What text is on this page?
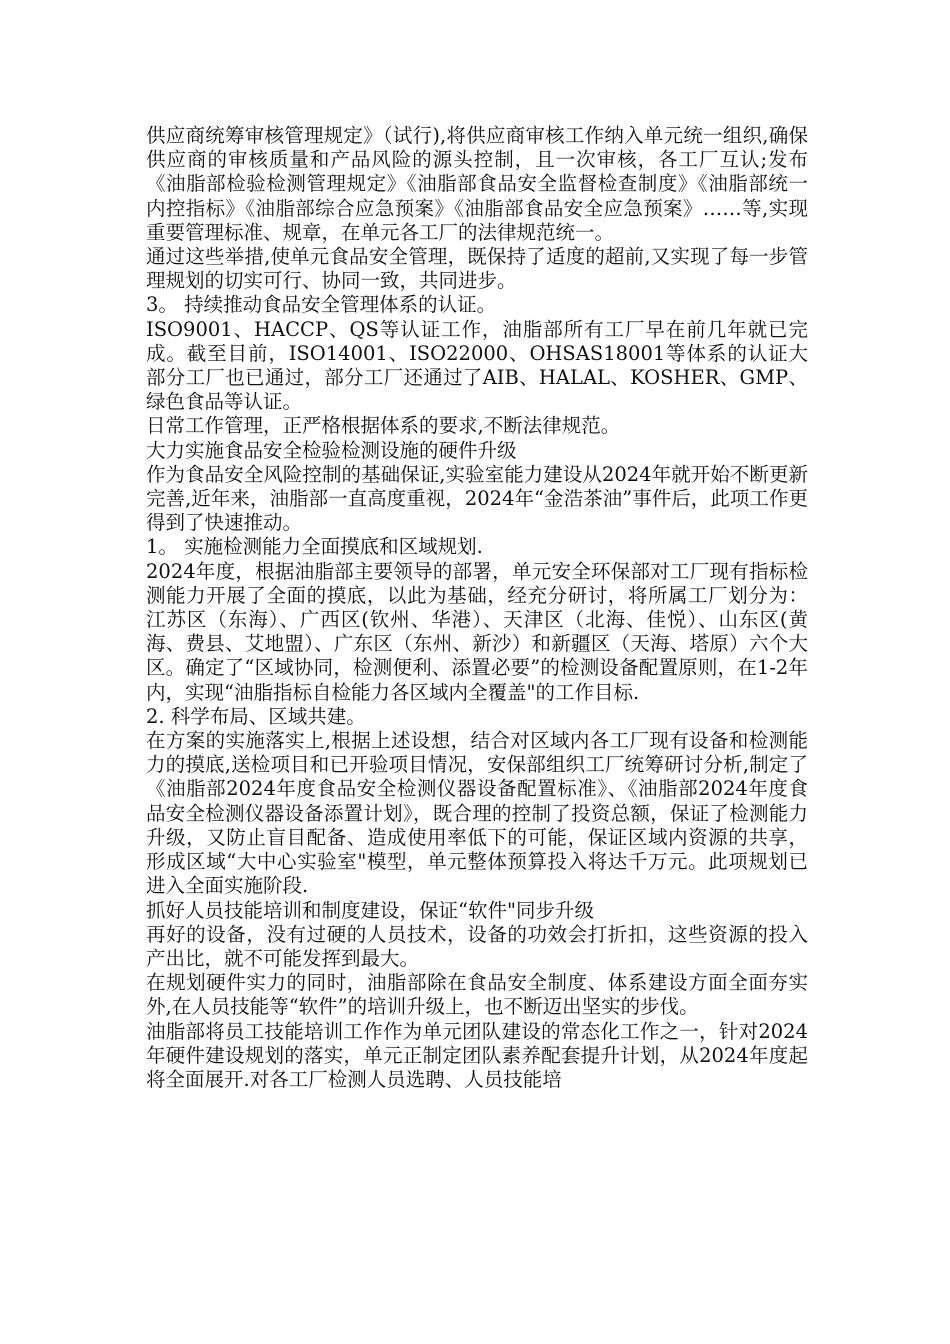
供应商统筹审核管理规定》（试行),将供应商审核工作纳入单元统一组织,确保供应商的审核质量和产品风险的源头控制，且一次审核，各工厂互认;发布《油脂部检验检测管理规定》《油脂部食品安全监督检查制度》《油脂部统一内控指标》《油脂部综合应急预案》《油脂部食品安全应急预案》……等,实现重要管理标准、规章，在单元各工厂的法律规范统一。

通过这些举措,使单元食品安全管理，既保持了适度的超前,又实现了每一步管理规划的切实可行、协同一致，共同进步。

3。 持续推动食品安全管理体系的认证。

ISO9001、HACCP、QS等认证工作，油脂部所有工厂早在前几年就已完成。截至目前，ISO14001、ISO22000、OHSAS18001等体系的认证大部分工厂也已通过，部分工厂还通过了AIB、HALAL、KOSHER、GMP、绿色食品等认证。

日常工作管理，正严格根据体系的要求,不断法律规范。

大力实施食品安全检验检测设施的硬件升级

作为食品安全风险控制的基础保证,实验室能力建设从2024年就开始不断更新完善,近年来，油脂部一直高度重视，2024年“金浩茶油”事件后，此项工作更得到了快速推动。

1。 实施检测能力全面摸底和区域规划.

2024年度，根据油脂部主要领导的部署，单元安全环保部对工厂现有指标检测能力开展了全面的摸底，以此为基础，经充分研讨，将所属工厂划分为：江苏区（东海）、广西区(钦州、华港）、天津区（北海、佳悦）、山东区(黄海、费县、艾地盟）、广东区（东州、新沙）和新疆区（天海、塔原）六个大区。确定了“区域协同，检测便利、添置必要”的检测设备配置原则，在1-2年内，实现“油脂指标自检能力各区域内全覆盖"的工作目标.

2. 科学布局、区域共建。

在方案的实施落实上,根据上述设想，结合对区域内各工厂现有设备和检测能力的摸底,送检项目和已开验项目情况，安保部组织工厂统筹研讨分析,制定了《油脂部2024年度食品安全检测仪器设备配置标准》、《油脂部2024年度食品安全检测仪器设备添置计划》，既合理的控制了投资总额，保证了检测能力升级，又防止盲目配备、造成使用率低下的可能，保证区域内资源的共享，形成区域“大中心实验室"模型，单元整体预算投入将达千万元。此项规划已进入全面实施阶段.

抓好人员技能培训和制度建设，保证“软件"同步升级

再好的设备，没有过硬的人员技术，设备的功效会打折扣，这些资源的投入产出比，就不可能发挥到最大。

在规划硬件实力的同时，油脂部除在食品安全制度、体系建设方面全面夯实外,在人员技能等“软件”的培训升级上，也不断迈出坚实的步伐。

油脂部将员工技能培训工作作为单元团队建设的常态化工作之一，针对2024年硬件建设规划的落实，单元正制定团队素养配套提升计划，从2024年度起将全面展开.对各工厂检测人员选聘、人员技能培
